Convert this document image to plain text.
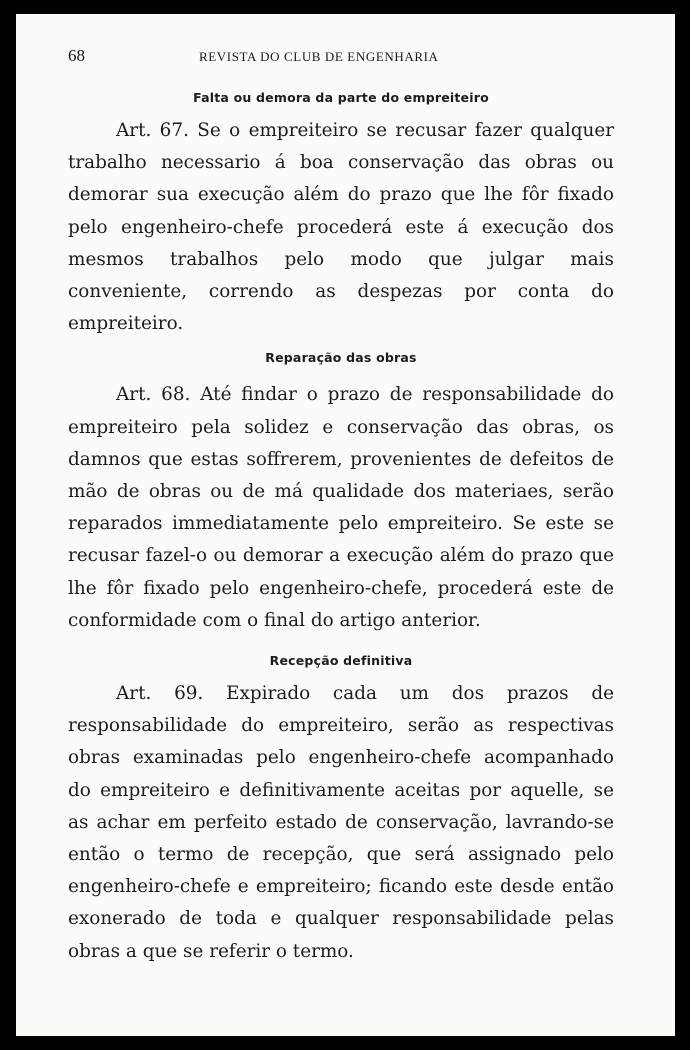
68	REVISTA DO CLUB DE ENGENHARIA
Falta ou demora da parte do empreiteiro

Art. 67. Se o empreiteiro se recusar fazer qualquer trabalho necessario á boa conservação das obras ou demorar sua execução além do prazo que lhe fôr fixado pelo engenheiro-chefe procederá este á execução dos mesmos trabalhos pelo modo que julgar mais conveniente, correndo as despezas por conta do empreiteiro.

Reparação das obras

Art. 68. Até findar o prazo de responsabilidade do empreiteiro pela solidez e conservação das obras, os damnos que estas soffrerem, provenientes de defeitos de mão de obras ou de má qualidade dos materiaes, serão reparados immediatamente pelo empreiteiro. Se este se recusar fazel-o ou demorar a execução além do prazo que lhe fôr fixado pelo engenheiro-chefe, procederá este de conformidade com o final do artigo anterior.

Recepção definitiva

Art. 69. Expirado cada um dos prazos de responsabilidade do empreiteiro, serão as respectivas obras examinadas pelo engenheiro-chefe acompanhado do empreiteiro e definitivamente aceitas por aquelle, se as achar em perfeito estado de conservação, lavrando-se então o termo de recepção, que será assignado pelo engenheiro-chefe e empreiteiro; ficando este desde então exonerado de toda e qualquer responsabilidade pelas obras a que se referir o termo.
